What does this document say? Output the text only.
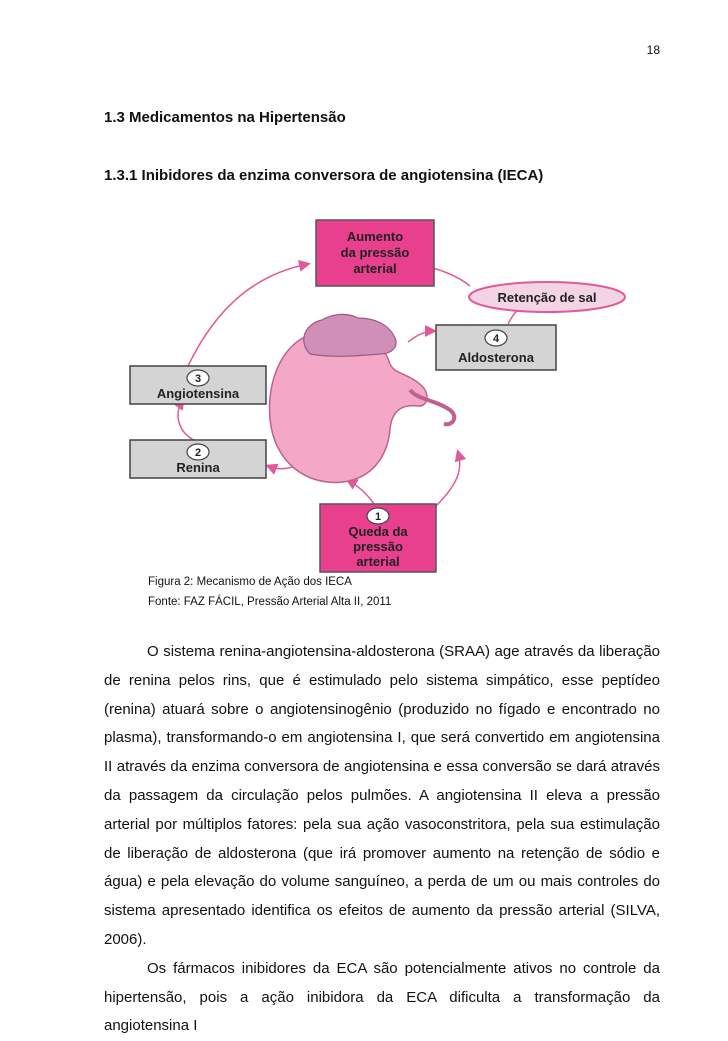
18
1.3 Medicamentos na Hipertensão
1.3.1 Inibidores da enzima conversora de angiotensina (IECA)
Aumento
da pressão
arterial
Retenção de sal
4
Aldosterona
3
Angiotensina
2
Renina
1
Queda da
pressão
arterial
Figura 2: Mecanismo de Ação dos IECA
Fonte: FAZ FÁCIL, Pressão Arterial Alta II, 2011

O sistema renina-angiotensina-aldosterona (SRAA) age através da liberação de renina pelos rins, que é estimulado pelo sistema simpático, esse peptídeo (renina) atuará sobre o angiotensinogênio (produzido no fígado e encontrado no plasma), transformando-o em angiotensina I, que será convertido em angiotensina II através da enzima conversora de angiotensina e essa conversão se dará através da passagem da circulação pelos pulmões. A angiotensina II eleva a pressão arterial por múltiplos fatores: pela sua ação vasoconstritora, pela sua estimulação de liberação de aldosterona (que irá promover aumento na retenção de sódio e água) e pela elevação do volume sanguíneo, a perda de um ou mais controles do sistema apresentado identifica os efeitos de aumento da pressão arterial (SILVA, 2006).

Os fármacos inibidores da ECA são potencialmente ativos no controle da hipertensão, pois a ação inibidora da ECA dificulta a transformação da angiotensina I
